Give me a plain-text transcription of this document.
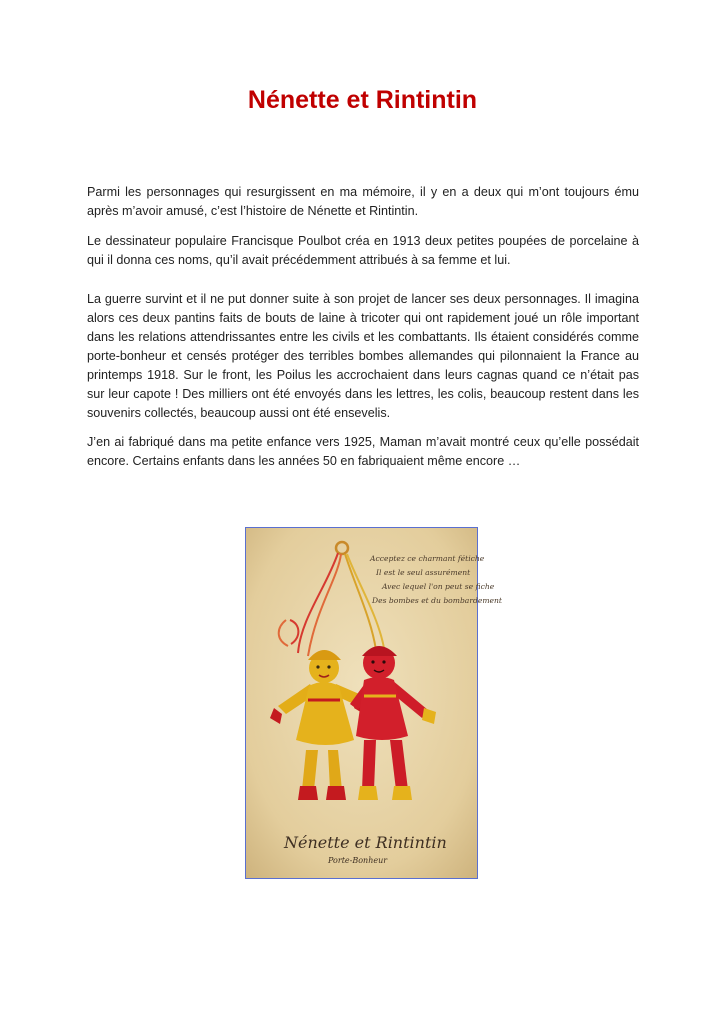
Nénette et Rintintin

Parmi les personnages qui resurgissent en ma mémoire, il y en a deux qui m’ont toujours ému après m’avoir amusé, c’est l’histoire de Nénette et Rintintin.

Le dessinateur populaire Francisque Poulbot créa en 1913 deux petites poupées de porcelaine à qui il donna ces noms, qu’il avait précédemment attribués à sa femme et lui.

La guerre survint et il ne put donner suite à son projet de lancer ses deux personnages. Il imagina alors ces deux pantins faits de bouts de laine à tricoter qui ont rapidement joué un rôle important dans les relations attendrissantes entre les civils et les combattants. Ils étaient considérés comme porte-bonheur et censés protéger des terribles bombes allemandes qui pilonnaient la France au printemps 1918. Sur le front, les Poilus les accrochaient dans leurs cagnas quand ce n’était pas sur leur capote ! Des milliers ont été envoyés dans les lettres, les colis, beaucoup restent dans les souvenirs collectés, beaucoup aussi ont été ensevelis.

J’en ai fabriqué dans ma petite enfance vers 1925, Maman m’avait montré ceux qu’elle possédait encore. Certains enfants dans les années 50 en fabriquaient même encore …

Acceptez ce charmant fétiche
Il est le seul assurément
Avec lequel l'on peut se fiche
Des bombes et du bombardement
Nénette et Rintintin
Porte-Bonheur
